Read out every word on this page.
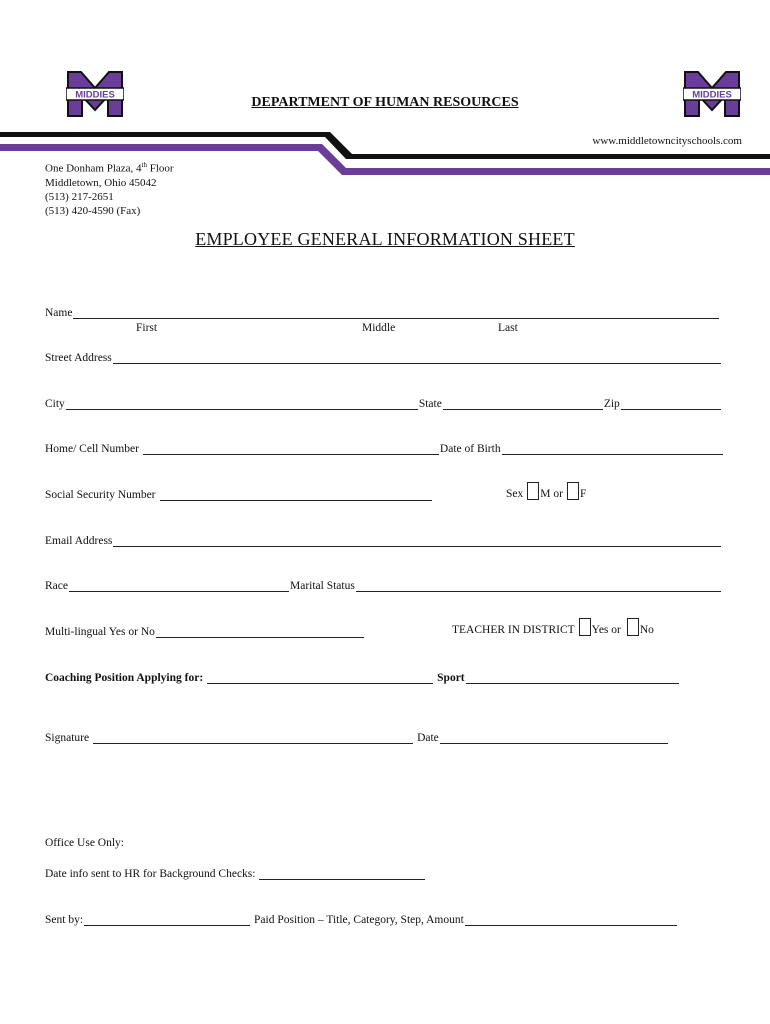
MIDDIES	MIDDIES
DEPARTMENT OF HUMAN RESOURCES
www.middletowncityschools.com
One Donham Plaza, 4th Floor
Middletown, Ohio 45042
(513) 217-2651
(513) 420-4590 (Fax)
EMPLOYEE GENERAL INFORMATION SHEET
Name
First	Middle	Last
Street Address
City	State	Zip
Home/ Cell Number	Date of Birth
Social Security Number	Sex M or F
Email Address
Race	Marital Status
Multi-lingual Yes or No	TEACHER IN DISTRICT Yes or No
Coaching Position Applying for:	Sport
Signature	Date
Office Use Only:
Date info sent to HR for Background Checks:
Sent by:	Paid Position – Title, Category, Step, Amount
